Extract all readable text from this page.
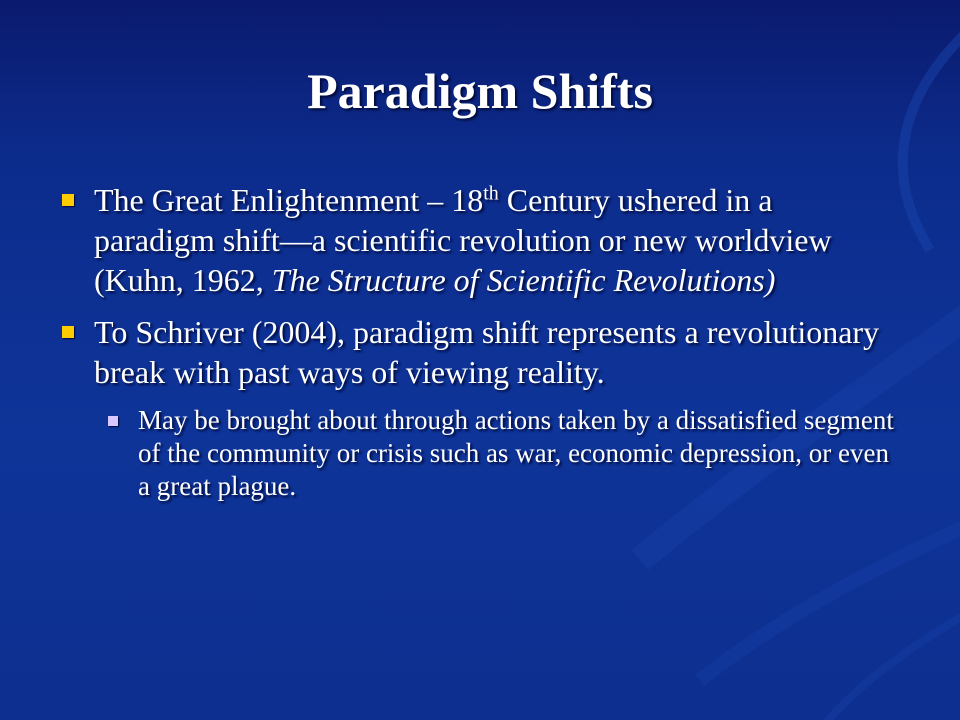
Paradigm Shifts
The Great Enlightenment – 18th Century ushered in a paradigm shift—a scientific revolution or new worldview (Kuhn, 1962, The Structure of Scientific Revolutions)
To Schriver (2004), paradigm shift represents a revolutionary break with past ways of viewing reality.
May be brought about through actions taken by a dissatisfied segment of the community or crisis such as war, economic depression, or even a great plague.
